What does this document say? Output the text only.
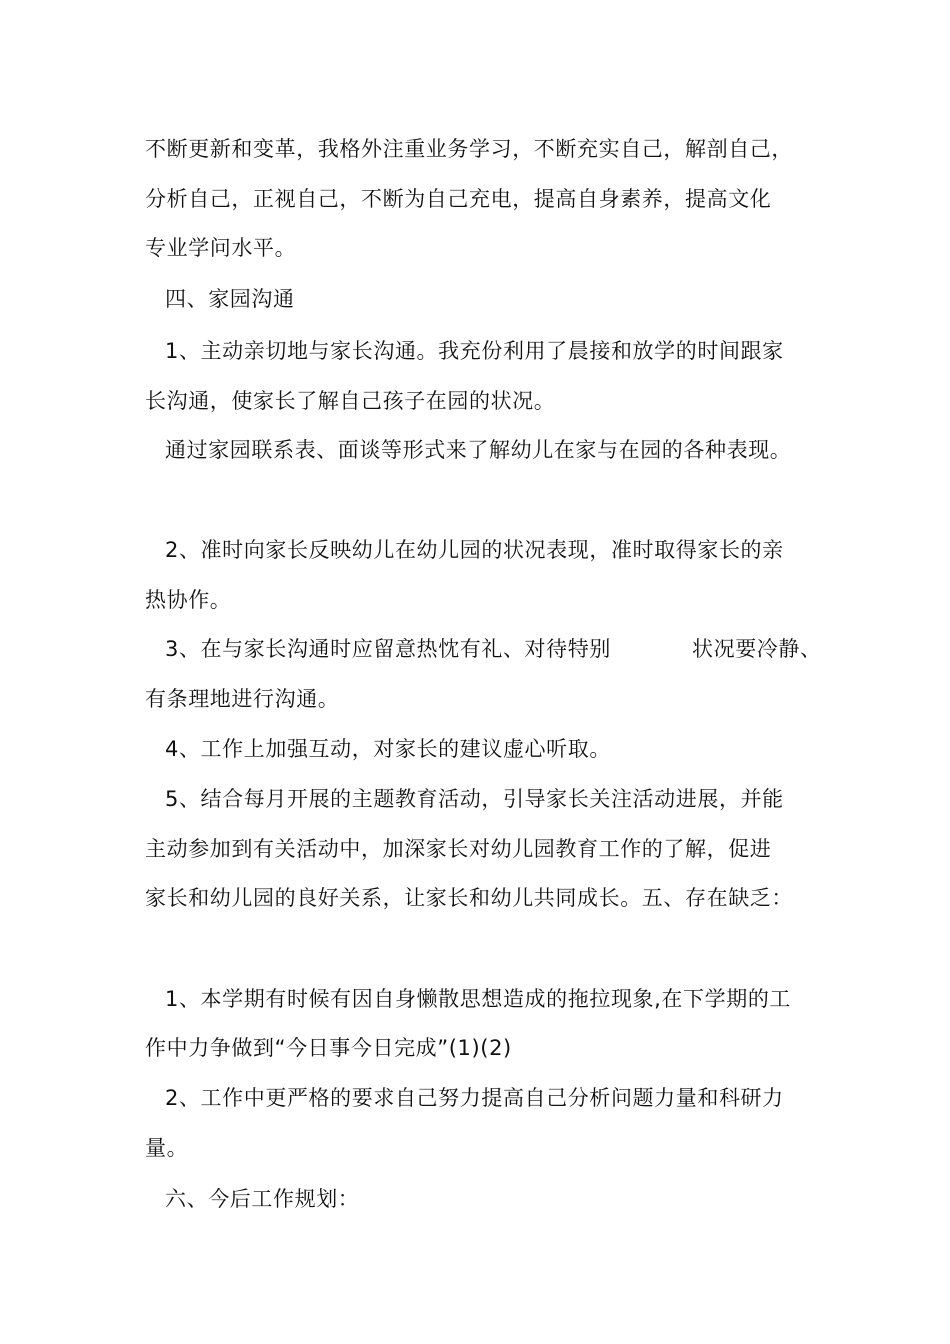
不断更新和变革，我格外注重业务学习，不断充实自己，解剖自己，
分析自己，正视自己，不断为自己充电，提高自身素养，提高文化
专业学问水平。
四、家园沟通
1、主动亲切地与家长沟通。我充份利用了晨接和放学的时间跟家
长沟通，使家长了解自己孩子在园的状况。
通过家园联系表、面谈等形式来了解幼儿在家与在园的各种表现。
2、准时向家长反映幼儿在幼儿园的状况表现，准时取得家长的亲
热协作。
3、在与家长沟通时应留意热忱有礼、对待特别	状况要冷静、
有条理地进行沟通。
4、工作上加强互动，对家长的建议虚心听取。
5、结合每月开展的主题教育活动，引导家长关注活动进展，并能
主动参加到有关活动中，加深家长对幼儿园教育工作的了解，促进
家长和幼儿园的良好关系，让家长和幼儿共同成长。五、存在缺乏：
1、本学期有时候有因自身懒散思想造成的拖拉现象,在下学期的工
作中力争做到“今日事今日完成”(1)(2)
2、工作中更严格的要求自己努力提高自己分析问题力量和科研力
量。
六、今后工作规划：
